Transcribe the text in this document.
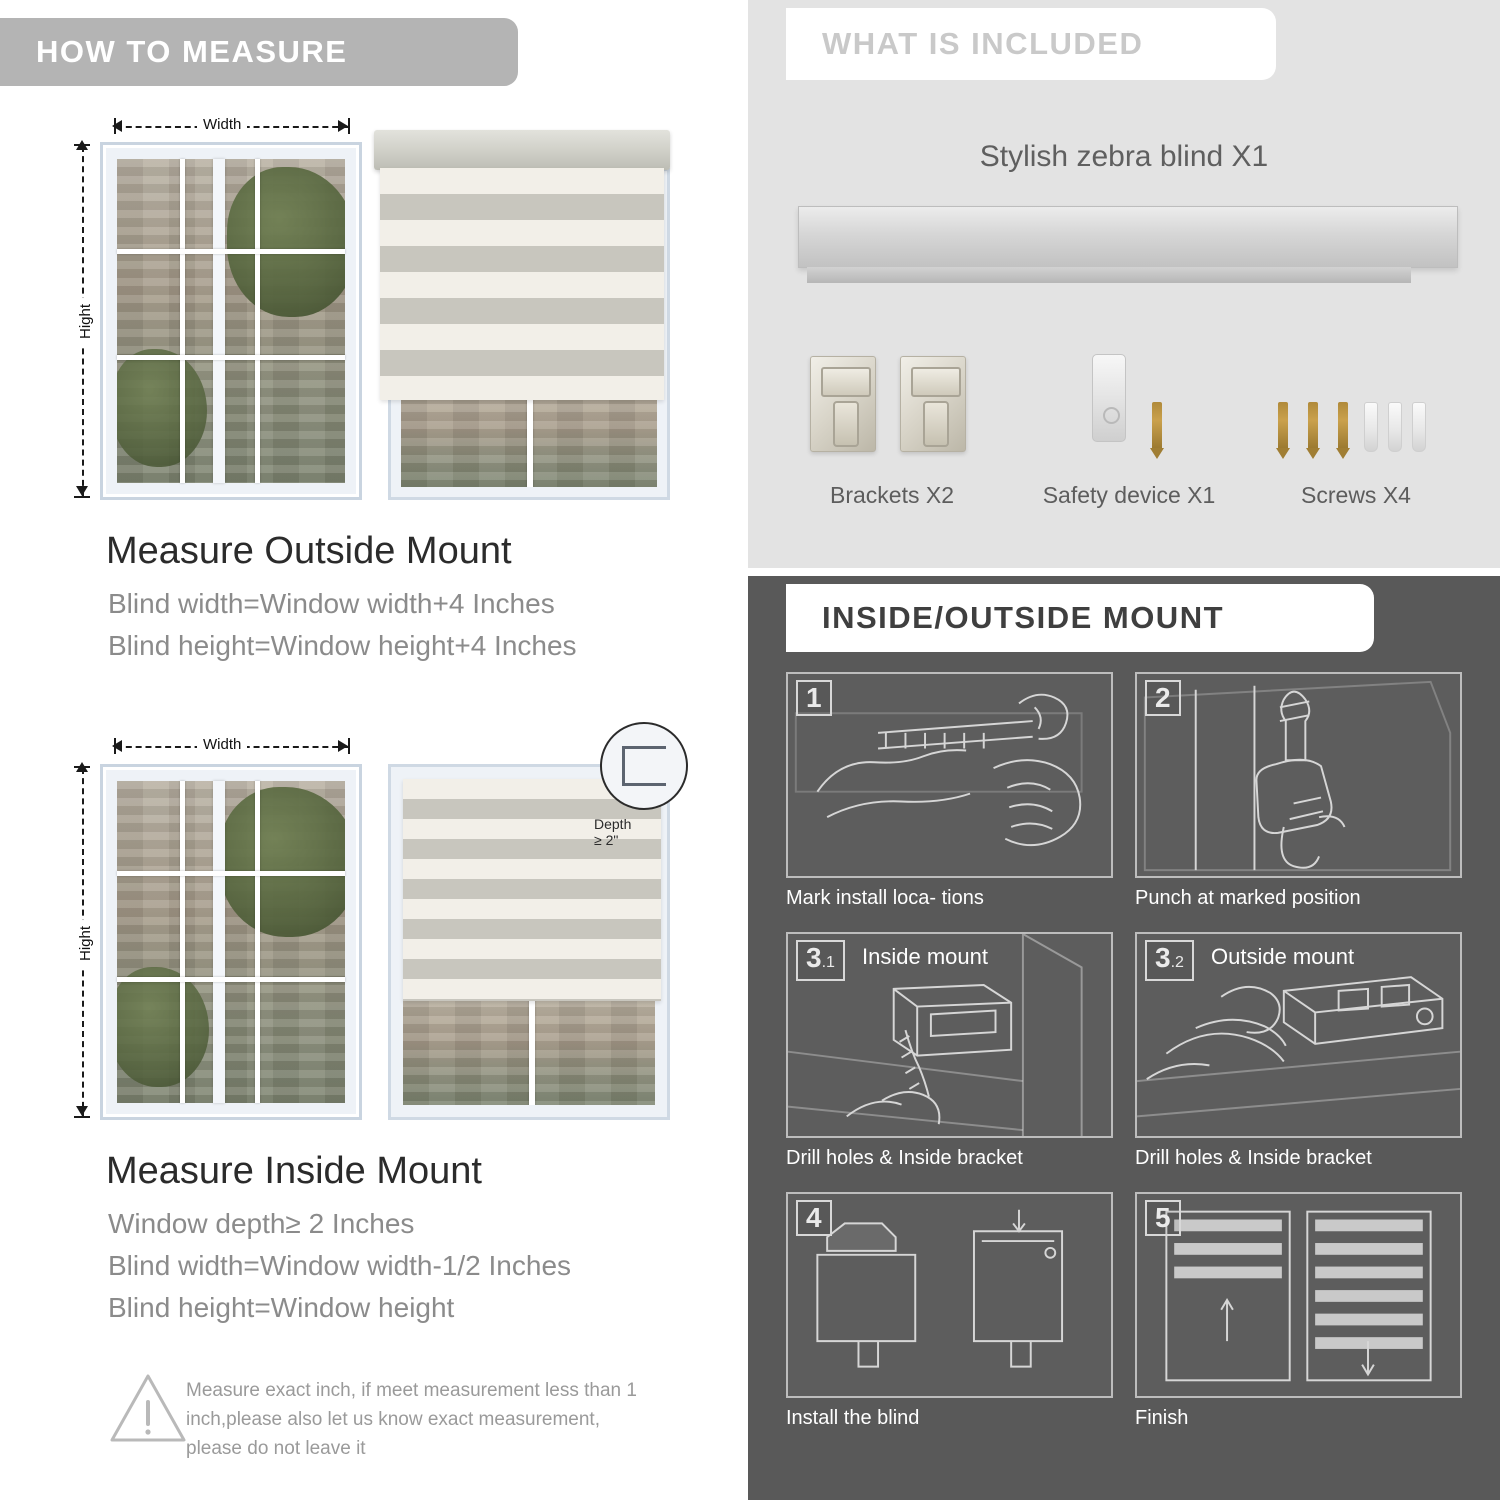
HOW TO MEASURE
Width
Hight
Measure Outside Mount
Blind width=Window width+4 Inches
Blind height=Window height+4 Inches
Width
Hight
Depth ≥ 2"
Measure Inside Mount
Window depth≥ 2 Inches
Blind width=Window width-1/2 Inches
Blind height=Window height
Measure exact inch, if meet measurement less than 1 inch,please also let us know exact measurement, please do not leave it
WHAT IS INCLUDED
Stylish zebra blind X1
Brackets X2	Safety device X1	Screws X4
INSIDE/OUTSIDE MOUNT
1
Mark install loca- tions
2
Punch at marked position
3.1	Inside mount
Drill holes & Inside bracket
3.2	Outside mount
Drill holes & Inside bracket
4
Install the blind
5
Finish
